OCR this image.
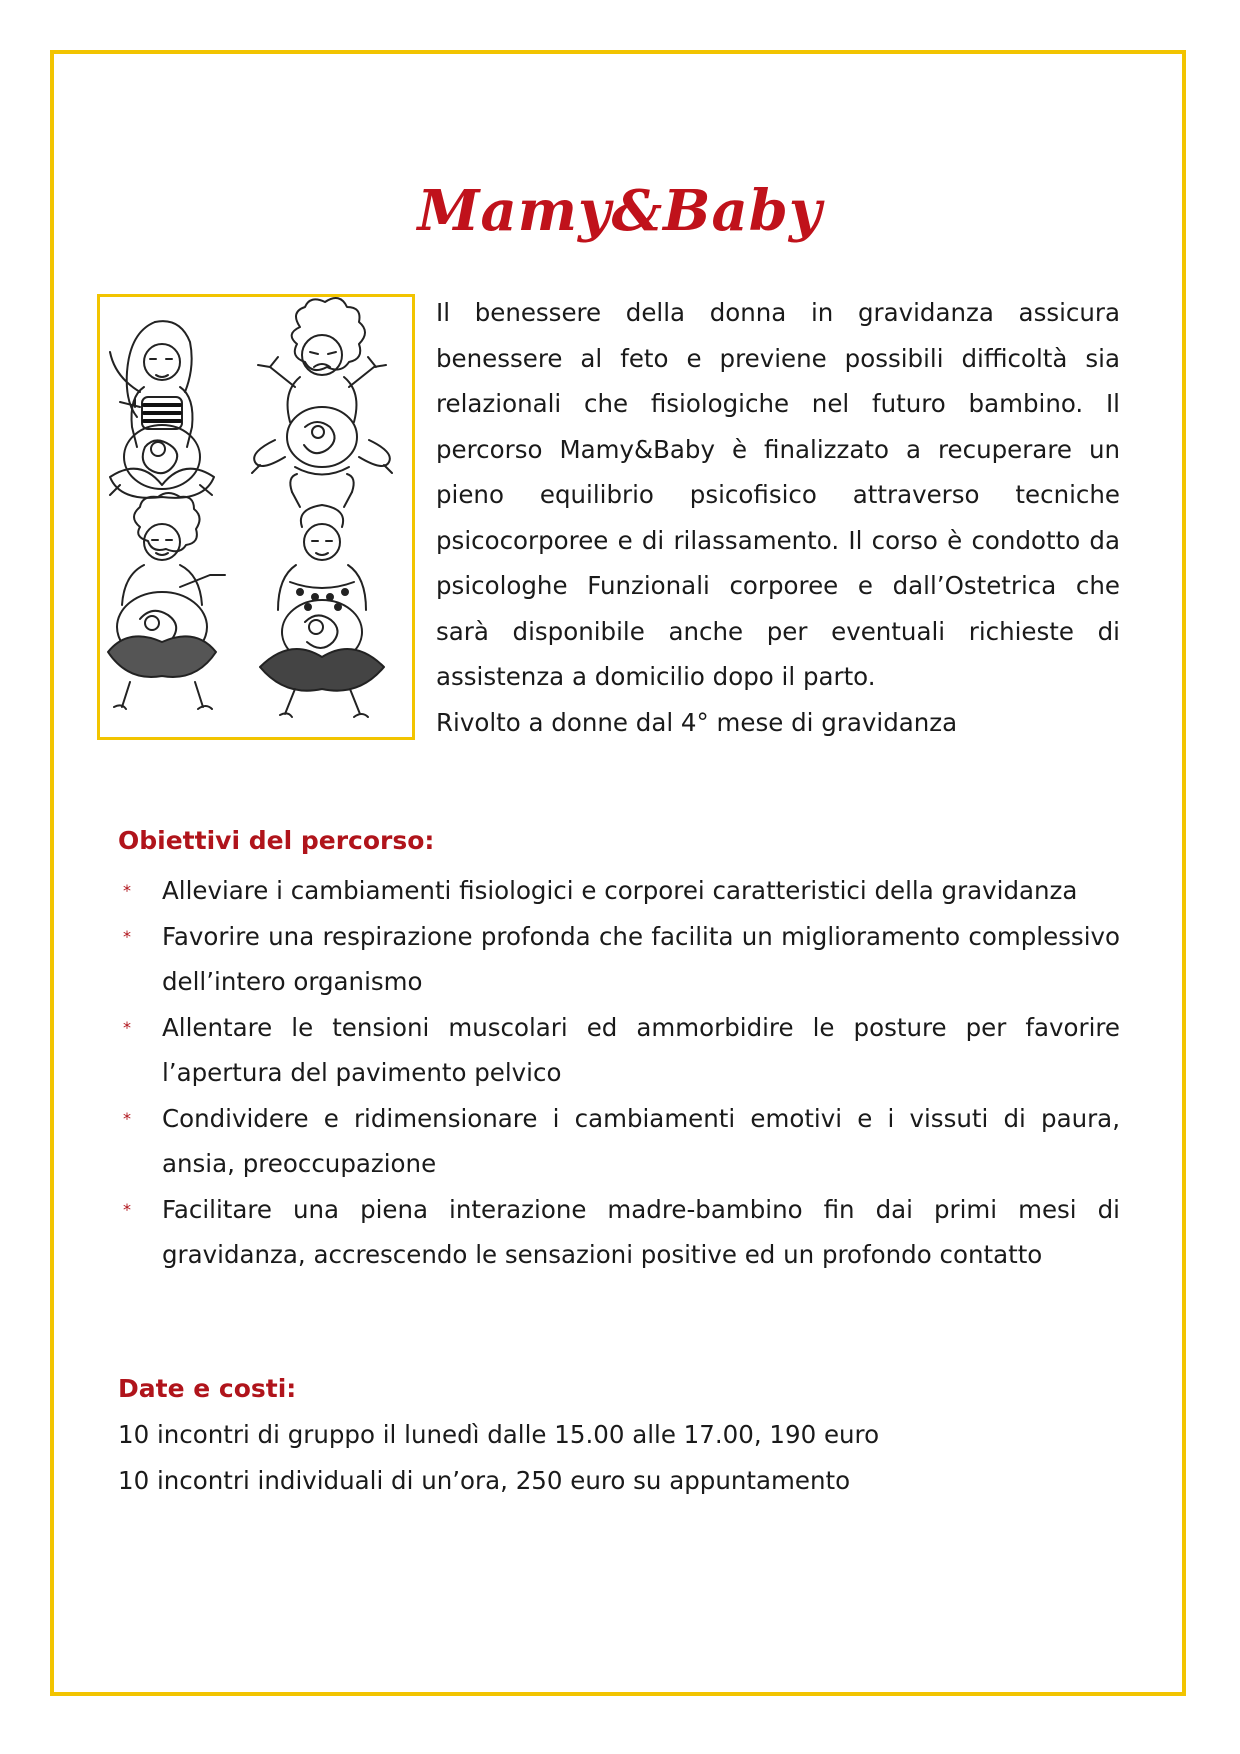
Mamy&Baby

Il benessere della donna in gravidanza assicura benessere al feto e previene possibili difficoltà sia relazionali che fisiologiche nel futuro bambino. Il percorso Mamy&Baby è finalizzato a recuperare un pieno equilibrio psicofisico attraverso tecniche psicocorporee e di rilassamento. Il corso è condotto da psicologhe Funzionali corporee e dall’Ostetrica che sarà disponibile anche per eventuali richieste di assistenza a domicilio dopo il parto.

Rivolto a donne dal 4° mese di gravidanza

Obiettivi del percorso:
* Alleviare i cambiamenti fisiologici e corporei caratteristici della gravidanza
* Favorire una respirazione profonda che facilita un miglioramento complessivo dell’intero organismo
* Allentare le tensioni muscolari ed ammorbidire le posture per favorire l’apertura del pavimento pelvico
* Condividere e ridimensionare i cambiamenti emotivi e i vissuti di paura, ansia, preoccupazione
* Facilitare una piena interazione madre-bambino fin dai primi mesi di gravidanza, accrescendo le sensazioni positive ed un profondo contatto
Date e costi:

10 incontri di gruppo il lunedì dalle 15.00 alle 17.00, 190 euro

10 incontri individuali di un’ora, 250 euro su appuntamento
